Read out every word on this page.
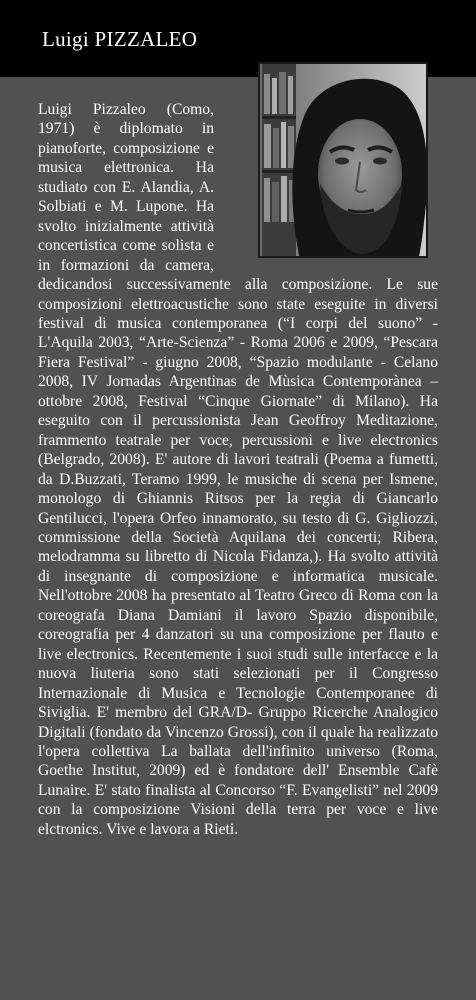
Luigi PIZZALEO

Luigi Pizzaleo (Como, 1971) è diplomato in pianoforte, composizione e musica elettronica. Ha studiato con E. Alandia, A. Solbiati e M. Lupone. Ha svolto inizialmente attività concertistica come solista e in formazioni da camera, dedicandosi successivamente alla composizione. Le sue composizioni elettroacustiche sono state eseguite in diversi festival di musica contemporanea (“I corpi del suono” - L'Aquila 2003, “Arte-Scienza” - Roma 2006 e 2009, “Pescara Fiera Festival” - giugno 2008, “Spazio modulante - Celano 2008, IV Jornadas Argentinas de Mùsica Contemporànea – ottobre 2008, Festival “Cinque Giornate” di Milano). Ha eseguito con il percussionista Jean Geoffroy Meditazione, frammento teatrale per voce, percussioni e live electronics (Belgrado, 2008). E' autore di lavori teatrali (Poema a fumetti, da D.Buzzati, Teramo 1999, le musiche di scena per Ismene, monologo di Ghiannis Ritsos per la regia di Giancarlo Gentilucci, l'opera Orfeo innamorato, su testo di G. Gigliozzi, commissione della Società Aquilana dei concerti; Ribera, melodramma su libretto di Nicola Fidanza,). Ha svolto attività di insegnante di composizione e informatica musicale. Nell'ottobre 2008 ha presentato al Teatro Greco di Roma con la coreografa Diana Damiani il lavoro Spazio disponibile, coreografia per 4 danzatori su una composizione per flauto e live electronics. Recentemente i suoi studi sulle interfacce e la nuova liuteria sono stati selezionati per il Congresso Internazionale di Musica e Tecnologie Contemporanee di Siviglia. E' membro del GRA/D- Gruppo Ricerche Analogico Digitali (fondato da Vincenzo Grossi), con il quale ha realizzato l'opera collettiva La ballata dell'infinito universo (Roma, Goethe Institut, 2009) ed è fondatore dell' Ensemble Cafè Lunaire. E' stato finalista al Concorso “F. Evangelisti” nel 2009 con la composizione Visioni della terra per voce e live elctronics. Vive e lavora a Rieti.
